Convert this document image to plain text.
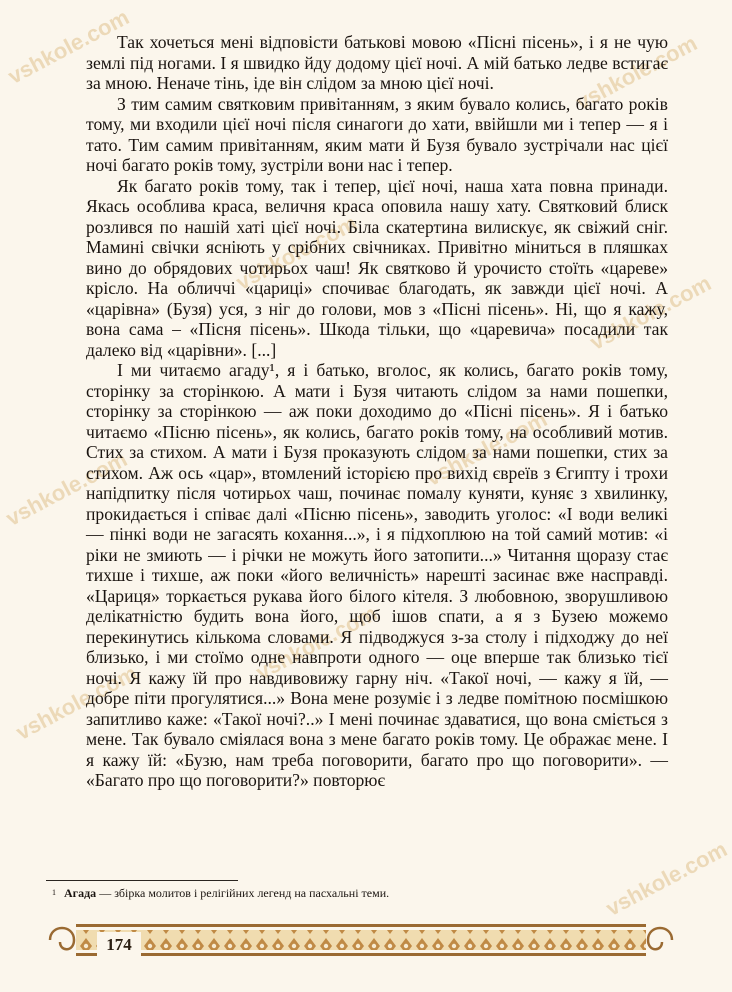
vshkole.com	vshkole.com
vshkole.com
vshkole.com
vshkole.com	vshkole.com
vshkole.com
vshkole.com
vshkole.com

Так хочеться мені відповісти батькові мовою «Пісні пісень», і я не чую землі під ногами. І я швидко йду додому цієї ночі. А мій батько ледве встигає за мною. Неначе тінь, іде він слідом за мною цієї ночі.

З тим самим святковим привітанням, з яким бувало колись, багато років тому, ми входили цієї ночі після синагоги до хати, ввійшли ми і тепер — я і тато. Тим самим привітанням, яким мати й Бузя бувало зустрічали нас цієї ночі багато років тому, зустріли вони нас і тепер.

Як багато років тому, так і тепер, цієї ночі, наша хата повна принади. Якась особлива краса, величня краса оповила нашу хату. Святковий блиск розлився по нашій хаті цієї ночі. Біла скатертина вилискує, як свіжий сніг. Мамині свічки ясніють у срібних свічниках. Привітно міниться в пляшках вино до обрядових чотирьох чаш! Як святково й урочисто стоїть «цареве» крісло. На обличчі «цариці» спочиває благодать, як завжди цієї ночі. А «царівна» (Бузя) уся, з ніг до голови, мов з «Пісні пісень». Ні, що я кажу, вона сама – «Пісня пісень». Шкода тільки, що «царевича» посадили так далеко від «царівни». [...]

І ми читаємо агаду¹, я і батько, вголос, як колись, багато років тому, сторінку за сторінкою. А мати і Бузя читають слідом за нами пошепки, сторінку за сторінкою — аж поки доходимо до «Пісні пісень». Я і батько читаємо «Пісню пісень», як колись, багато років тому, на особливий мотив. Стих за стихом. А мати і Бузя проказують слідом за нами пошепки, стих за стихом. Аж ось «цар», втомлений історією про вихід євреїв з Єгипту і трохи напідпитку після чотирьох чаш, починає помалу куняти, куняє з хвилинку, прокидається і співає далі «Пісню пісень», заводить уголос: «І води великі — пінкі води не загасять кохання...», і я підхоплюю на той самий мотив: «і ріки не змиють — і річки не можуть його затопити...» Читання щоразу стає тихше і тихше, аж поки «його величність» нарешті засинає вже насправді. «Цариця» торкається рукава його білого кітеля. З любовною, зворушливою делікатністю будить вона його, щоб ішов спати, а я з Бузею можемо перекинутись кількома словами. Я підводжуся з-за столу і підходжу до неї близько, і ми стоїмо одне навпроти одного — оце вперше так близько тієї ночі. Я кажу їй про навдивовижу гарну ніч. «Такої ночі, — кажу я їй, — добре піти прогулятися...» Вона мене розуміє і з ледве помітною посмішкою запитливо каже: «Такої ночі?..» І мені починає здаватися, що вона сміється з мене. Так бувало сміялася вона з мене багато років тому. Це ображає мене. І я кажу їй: «Бузю, нам треба поговорити, багато про що поговорити». — «Багато про що поговорити?» повторює

$^1$ Агада — збірка молитов і релігійних легенд на пасхальні теми.
174
